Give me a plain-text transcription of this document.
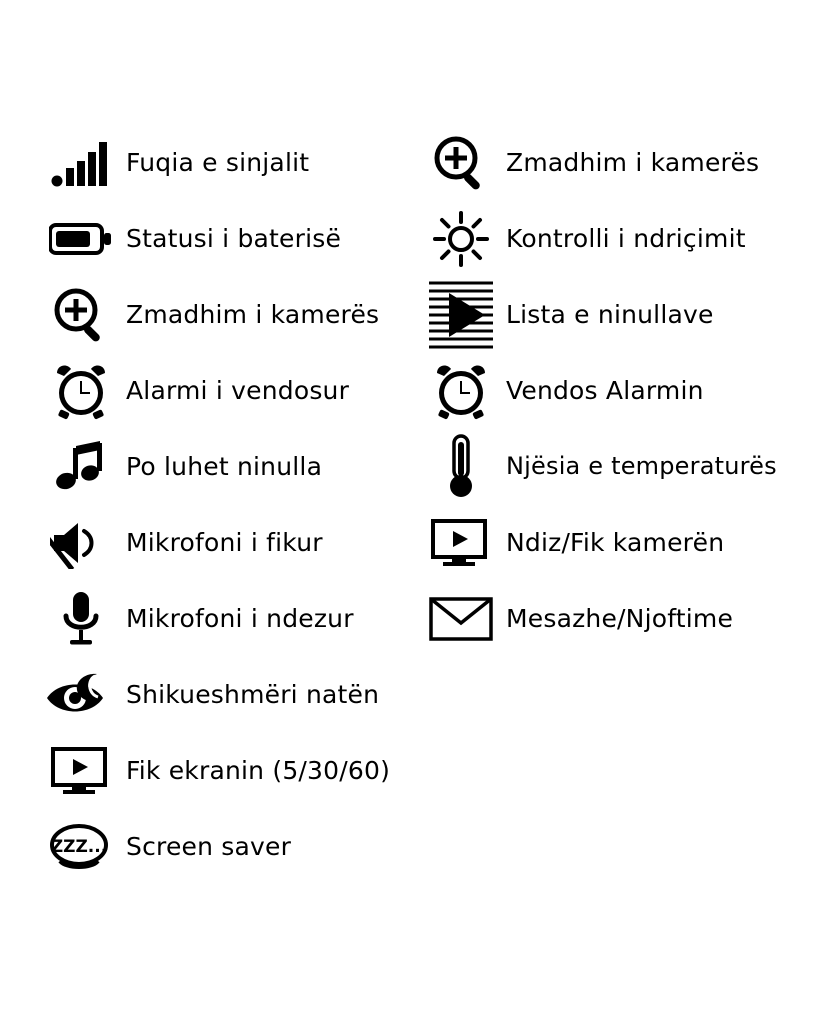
Fuqia e sinjalit
Statusi i baterisë
Zmadhim i kamerës
Alarmi i vendosur
Po luhet ninulla
Mikrofoni i fikur
Mikrofoni i ndezur
Shikueshmëri natën
Fik ekranin (5/30/60)
ZZZ... Screen saver
Zmadhim i kamerës
Kontrolli i ndriçimit
Lista e ninullave
Vendos Alarmin
Njësia e temperaturës
Ndiz/Fik kamerën
Mesazhe/Njoftime
